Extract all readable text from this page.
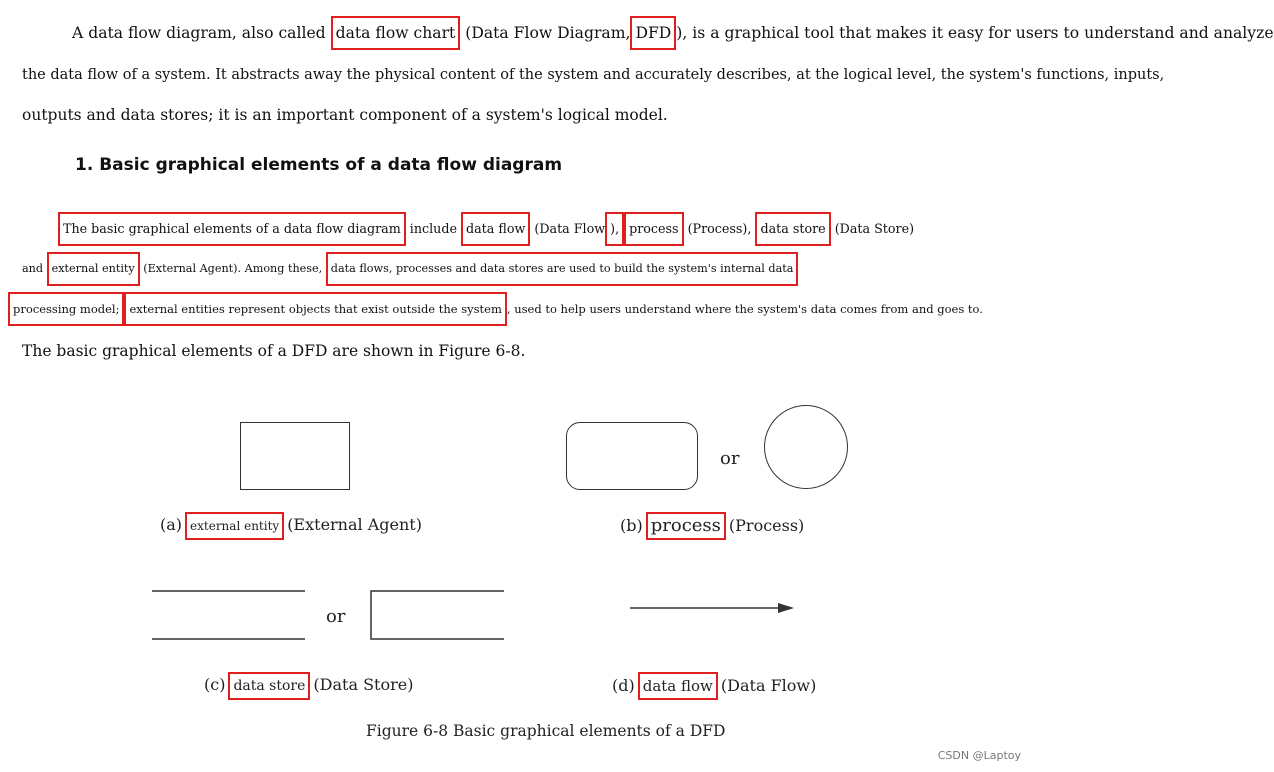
A data flow diagram, also called data flow chart (Data Flow Diagram, DFD ), is a graphical tool that makes it easy for users to understand and analyze
the data flow of a system. It abstracts away the physical content of the system and accurately describes, at the logical level, the system's functions, inputs,
outputs and data stores; it is an important component of a system's logical model.
1. Basic graphical elements of a data flow diagram
The basic graphical elements of a data flow diagram include data flow (Data Flow ),process (Process), data store (Data Store)
and external entity (External Agent). Among these, data flows, processes and data stores are used to build the system's internal data
processing model; external entities represent objects that exist outside the system , used to help users understand where the system's data comes from and goes to.
The basic graphical elements of a DFD are shown in Figure 6-8.
(a) external entity (External Agent)
or
(b) process (Process)
or
(c) data store (Data Store)	(d) data flow (Data Flow)
Figure 6-8 Basic graphical elements of a DFD
CSDN @Laptoy
